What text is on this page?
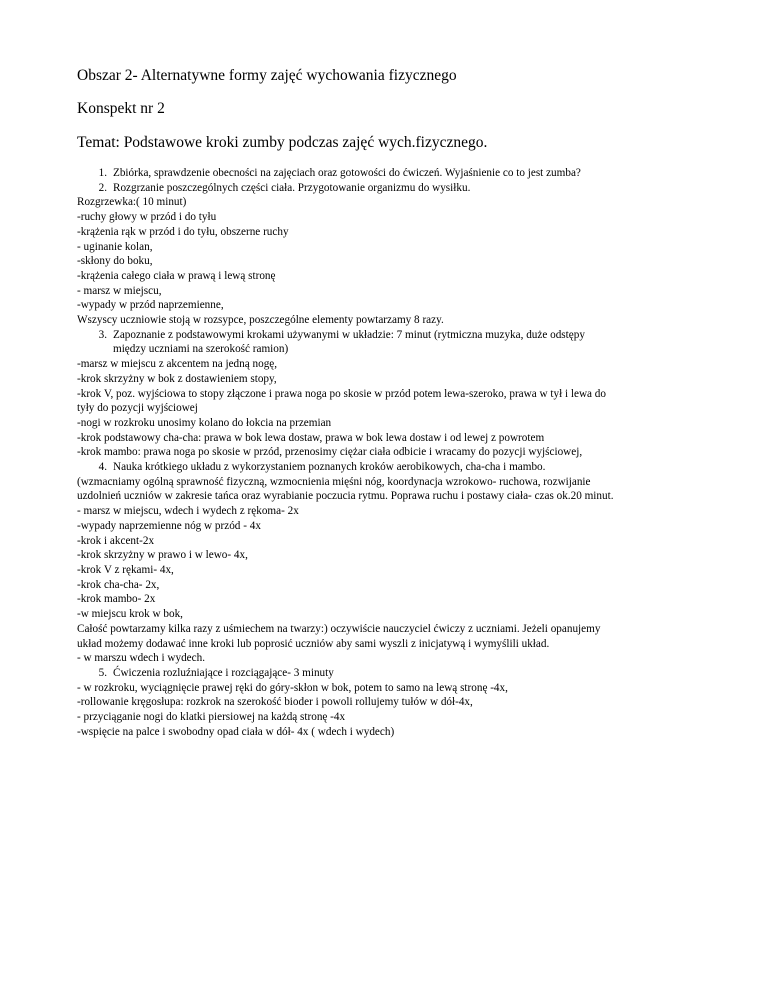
Obszar 2- Alternatywne formy zajęć wychowania fizycznego
Konspekt nr 2
Temat: Podstawowe kroki zumby podczas zajęć wych.fizycznego.
1. Zbiórka, sprawdzenie obecności na zajęciach oraz gotowości do ćwiczeń. Wyjaśnienie co to jest zumba?
2. Rozgrzanie poszczególnych części ciała. Przygotowanie organizmu do wysiłku.
Rozgrzewka:( 10 minut)
-ruchy głowy w przód i do tyłu
-krążenia rąk w przód i do tyłu, obszerne ruchy
- uginanie kolan,
-skłony do boku,
-krążenia całego ciała w prawą i lewą stronę
- marsz w miejscu,
-wypady w przód naprzemienne,
Wszyscy uczniowie stoją w rozsypce, poszczególne elementy powtarzamy 8 razy.
3. Zapoznanie z podstawowymi krokami używanymi w układzie: 7 minut (rytmiczna muzyka, duże odstępy
między uczniami na szerokość ramion)
-marsz w miejscu z akcentem na jedną nogę,
-krok skrzyżny w bok z dostawieniem stopy,
-krok V, poz. wyjściowa to stopy złączone i prawa noga po skosie w przód potem lewa-szeroko, prawa w tył i lewa do
tyły do pozycji wyjściowej
-nogi w rozkroku unosimy kolano do łokcia na przemian
-krok podstawowy cha-cha: prawa w bok lewa dostaw, prawa w bok lewa dostaw i od lewej z powrotem
-krok mambo: prawa noga po skosie w przód, przenosimy ciężar ciała odbicie i wracamy do pozycji wyjściowej,
4. Nauka krótkiego układu z wykorzystaniem poznanych kroków aerobikowych, cha-cha i mambo.
(wzmacniamy ogólną sprawność fizyczną, wzmocnienia mięśni nóg, koordynacja wzrokowo- ruchowa, rozwijanie
uzdolnień uczniów w zakresie tańca oraz wyrabianie poczucia rytmu. Poprawa ruchu i postawy ciała- czas ok.20 minut.
- marsz w miejscu, wdech i wydech z rękoma- 2x
-wypady naprzemienne nóg w przód - 4x
-krok i akcent-2x
-krok skrzyżny w prawo i w lewo- 4x,
-krok V z rękami- 4x,
-krok cha-cha- 2x,
-krok mambo- 2x
-w miejscu krok w bok,
Całość powtarzamy kilka razy z uśmiechem na twarzy:) oczywiście nauczyciel ćwiczy z uczniami. Jeżeli opanujemy
układ możemy dodawać inne kroki lub poprosić uczniów aby sami wyszli z inicjatywą i wymyślili układ.
- w marszu wdech i wydech.
5. Ćwiczenia rozluźniające i rozciągające- 3 minuty
- w rozkroku, wyciągnięcie prawej ręki do góry-skłon w bok, potem to samo na lewą stronę -4x,
-rollowanie kręgosłupa: rozkrok na szerokość bioder i powoli rollujemy tułów w dół-4x,
- przyciąganie nogi do klatki piersiowej na każdą stronę -4x
-wspięcie na palce i swobodny opad ciała w dół- 4x ( wdech i wydech)
